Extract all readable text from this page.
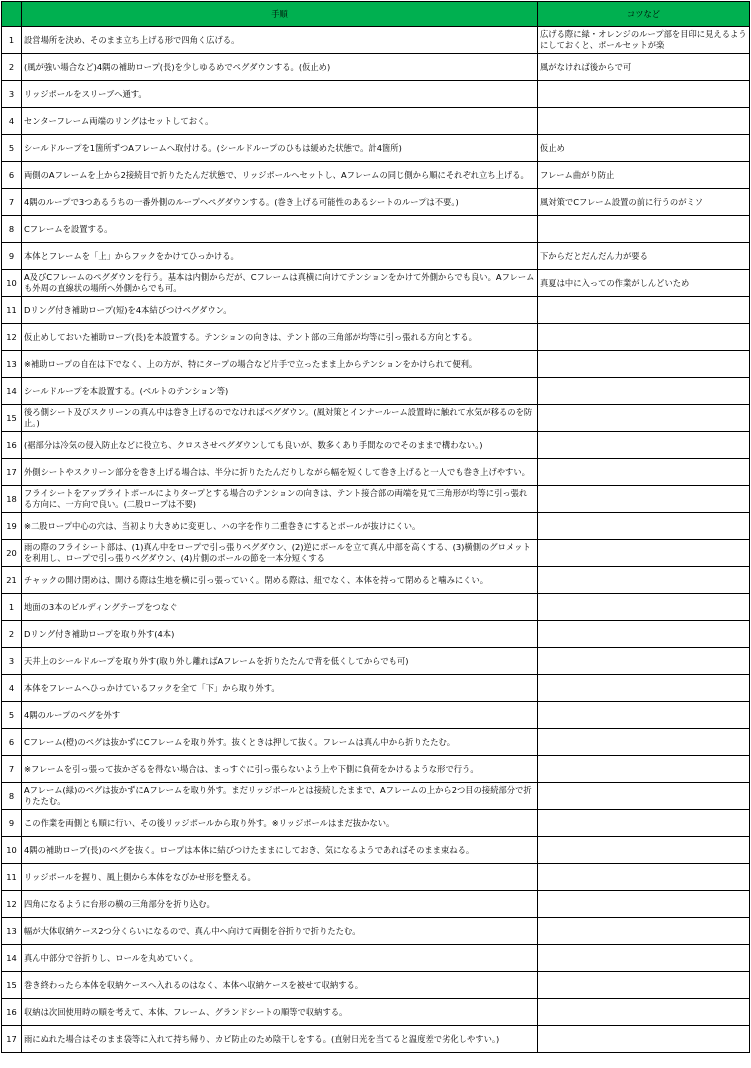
	手順	コツなど
1	設営場所を決め、そのまま立ち上げる形で四角く広げる。	広げる際に緑・オレンジのループ部を目印に見えるようにしておくと、ポールセットが楽
2	(風が強い場合など)4隅の補助ロープ(長)を少しゆるめでペグダウンする。(仮止め)	風がなければ後からで可
3	リッジポールをスリーブへ通す。	
4	センターフレーム両端のリングはセットしておく。	
5	シールドループを1箇所ずつAフレームへ取付ける。(シールドループのひもは緩めた状態で。計4箇所)	仮止め
6	両側のAフレームを上から2接続目で折りたたんだ状態で、リッジポールへセットし、Aフレームの同じ側から順にそれぞれ立ち上げる。	フレーム曲がり防止
7	4隅のループで3つあるうちの一番外側のループへペグダウンする。(巻き上げる可能性のあるシートのループは不要。)	風対策でCフレーム設置の前に行うのがミソ
8	Cフレームを設置する。	
9	本体とフレームを「上」からフックをかけてひっかける。	下からだとだんだん力が要る
10	A及びCフレームのペグダウンを行う。基本は内側からだが、Cフレームは真横に向けてテンションをかけて外側からでも良い。Aフレームも外周の直線状の場所へ外側からでも可。	真夏は中に入っての作業がしんどいため
11	Dリング付き補助ロープ(短)を4本結びつけペグダウン。	
12	仮止めしておいた補助ロープ(長)を本設置する。テンションの向きは、テント部の三角部が均等に引っ張れる方向とする。	
13	※補助ロープの自在は下でなく、上の方が、特にタープの場合など片手で立ったまま上からテンションをかけられて便利。	
14	シールドループを本設置する。(ベルトのテンション等)	
15	後ろ側シート及びスクリーンの真ん中は巻き上げるのでなければペグダウン。(風対策とインナールーム設置時に触れて水気が移るのを防止。)	
16	(裾部分は冷気の侵入防止などに役立ち、クロスさせペグダウンしても良いが、数多くあり手間なのでそのままで構わない。)	
17	外側シートやスクリーン部分を巻き上げる場合は、半分に折りたたんだりしながら幅を短くして巻き上げると一人でも巻き上げやすい。	
18	フライシートをアップライトポールによりタープとする場合のテンションの向きは、テント接合部の両端を見て三角形が均等に引っ張れる方向に、一方向で良い。(二股ロープは不要)	
19	※二股ロープ中心の穴は、当初より大きめに変更し、ハの字を作り二重巻きにするとポールが抜けにくい。	
20	雨の際のフライシート部は、(1)真ん中をロープで引っ張りペグダウン、(2)逆にポールを立て真ん中部を高くする、(3)横側のグロメットを利用し、ロープで引っ張りペグダウン、(4)片側のポールの節を一本分短くする	
21	チャックの開け閉めは、開ける際は生地を横に引っ張っていく。閉める際は、紐でなく、本体を持って閉めると噛みにくい。	
1	地面の3本のビルディングテープをつなぐ	
2	Dリング付き補助ロープを取り外す(4本)	
3	天井上のシールドループを取り外す(取り外し離ればAフレームを折りたたんで背を低くしてからでも可)	
4	本体をフレームへひっかけているフックを全て「下」から取り外す。	
5	4隅のループのペグを外す	
6	Cフレーム(橙)のペグは抜かずにCフレームを取り外す。抜くときは押して抜く。フレームは真ん中から折りたたむ。	
7	※フレームを引っ張って抜かざるを得ない場合は、まっすぐに引っ張らないよう上や下側に負荷をかけるような形で行う。	
8	Aフレーム(緑)のペグは抜かずにAフレームを取り外す。まだリッジポールとは接続したままで、Aフレームの上から2つ目の接続部分で折りたたむ。	
9	この作業を両側とも順に行い、その後リッジポールから取り外す。※リッジポールはまだ抜かない。	
10	4隅の補助ロープ(長)のペグを抜く。ロープは本体に結びつけたままにしておき、気になるようであればそのまま束ねる。	
11	リッジポールを握り、風上側から本体をなびかせ形を整える。	
12	四角になるように台形の横の三角部分を折り込む。	
13	幅が大体収納ケース2つ分くらいになるので、真ん中へ向けて両側を谷折りで折りたたむ。	
14	真ん中部分で谷折りし、ロールを丸めていく。	
15	巻き終わったら本体を収納ケースへ入れるのはなく、本体へ収納ケースを被せて収納する。	
16	収納は次回使用時の順を考えて、本体、フレーム、グランドシートの順等で収納する。	
17	雨にぬれた場合はそのまま袋等に入れて持ち帰り、カビ防止のため陰干しをする。(直射日光を当てると温度差で劣化しやすい。)	
